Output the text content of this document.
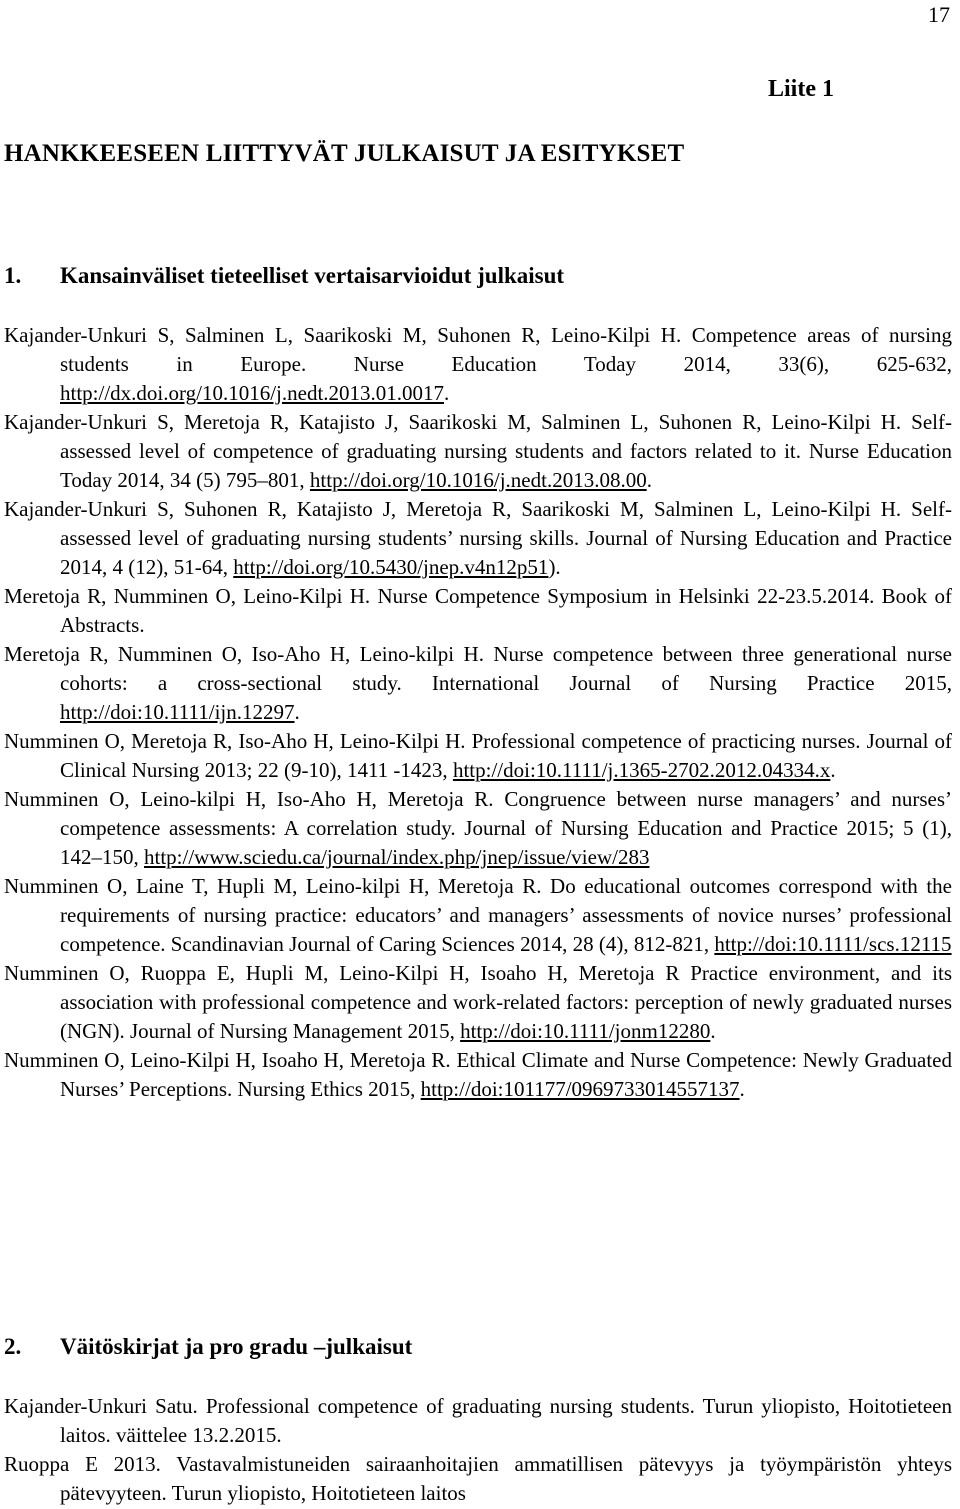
17
Liite 1
HANKKEESEEN LIITTYVÄT JULKAISUT JA ESITYKSET
1. Kansainväliset tieteelliset vertaisarvioidut julkaisut

Kajander-Unkuri S, Salminen L, Saarikoski M, Suhonen R, Leino-Kilpi H. Competence areas of nursing students in Europe. Nurse Education Today 2014, 33(6), 625-632, http://dx.doi.org/10.1016/j.nedt.2013.01.0017.

Kajander-Unkuri S, Meretoja R, Katajisto J, Saarikoski M, Salminen L, Suhonen R, Leino-Kilpi H. Self-assessed level of competence of graduating nursing students and factors related to it. Nurse Education Today 2014, 34 (5) 795–801, http://doi.org/10.1016/j.nedt.2013.08.00.

Kajander-Unkuri S, Suhonen R, Katajisto J, Meretoja R, Saarikoski M, Salminen L, Leino-Kilpi H. Self-assessed level of graduating nursing students’ nursing skills. Journal of Nursing Education and Practice 2014, 4 (12), 51-64, http://doi.org/10.5430/jnep.v4n12p51).

Meretoja R, Numminen O, Leino-Kilpi H. Nurse Competence Symposium in Helsinki 22-23.5.2014. Book of Abstracts.

Meretoja R, Numminen O, Iso-Aho H, Leino-kilpi H. Nurse competence between three generational nurse cohorts: a cross-sectional study. International Journal of Nursing Practice 2015, http://doi:10.1111/ijn.12297.

Numminen O, Meretoja R, Iso-Aho H, Leino-Kilpi H. Professional competence of practicing nurses. Journal of Clinical Nursing 2013; 22 (9-10), 1411 -1423, http://doi:10.1111/j.1365-2702.2012.04334.x.

Numminen O, Leino-kilpi H, Iso-Aho H, Meretoja R. Congruence between nurse managers’ and nurses’ competence assessments: A correlation study. Journal of Nursing Education and Practice 2015; 5 (1), 142–150, http://www.sciedu.ca/journal/index.php/jnep/issue/view/283

Numminen O, Laine T, Hupli M, Leino-kilpi H, Meretoja R. Do educational outcomes correspond with the requirements of nursing practice: educators’ and managers’ assessments of novice nurses’ professional competence. Scandinavian Journal of Caring Sciences 2014, 28 (4), 812-821, http://doi:10.1111/scs.12115

Numminen O, Ruoppa E, Hupli M, Leino-Kilpi H, Isoaho H, Meretoja R Practice environment, and its association with professional competence and work-related factors: perception of newly graduated nurses (NGN). Journal of Nursing Management 2015, http://doi:10.1111/jonm12280.

Numminen O, Leino-Kilpi H, Isoaho H, Meretoja R. Ethical Climate and Nurse Competence: Newly Graduated Nurses’ Perceptions. Nursing Ethics 2015, http://doi:101177/0969733014557137.

2. Väitöskirjat ja pro gradu –julkaisut

Kajander-Unkuri Satu. Professional competence of graduating nursing students. Turun yliopisto, Hoitotieteen laitos. väittelee 13.2.2015.

Ruoppa E 2013. Vastavalmistuneiden sairaanhoitajien ammatillisen pätevyys ja työympäristön yhteys pätevyyteen. Turun yliopisto, Hoitotieteen laitos
